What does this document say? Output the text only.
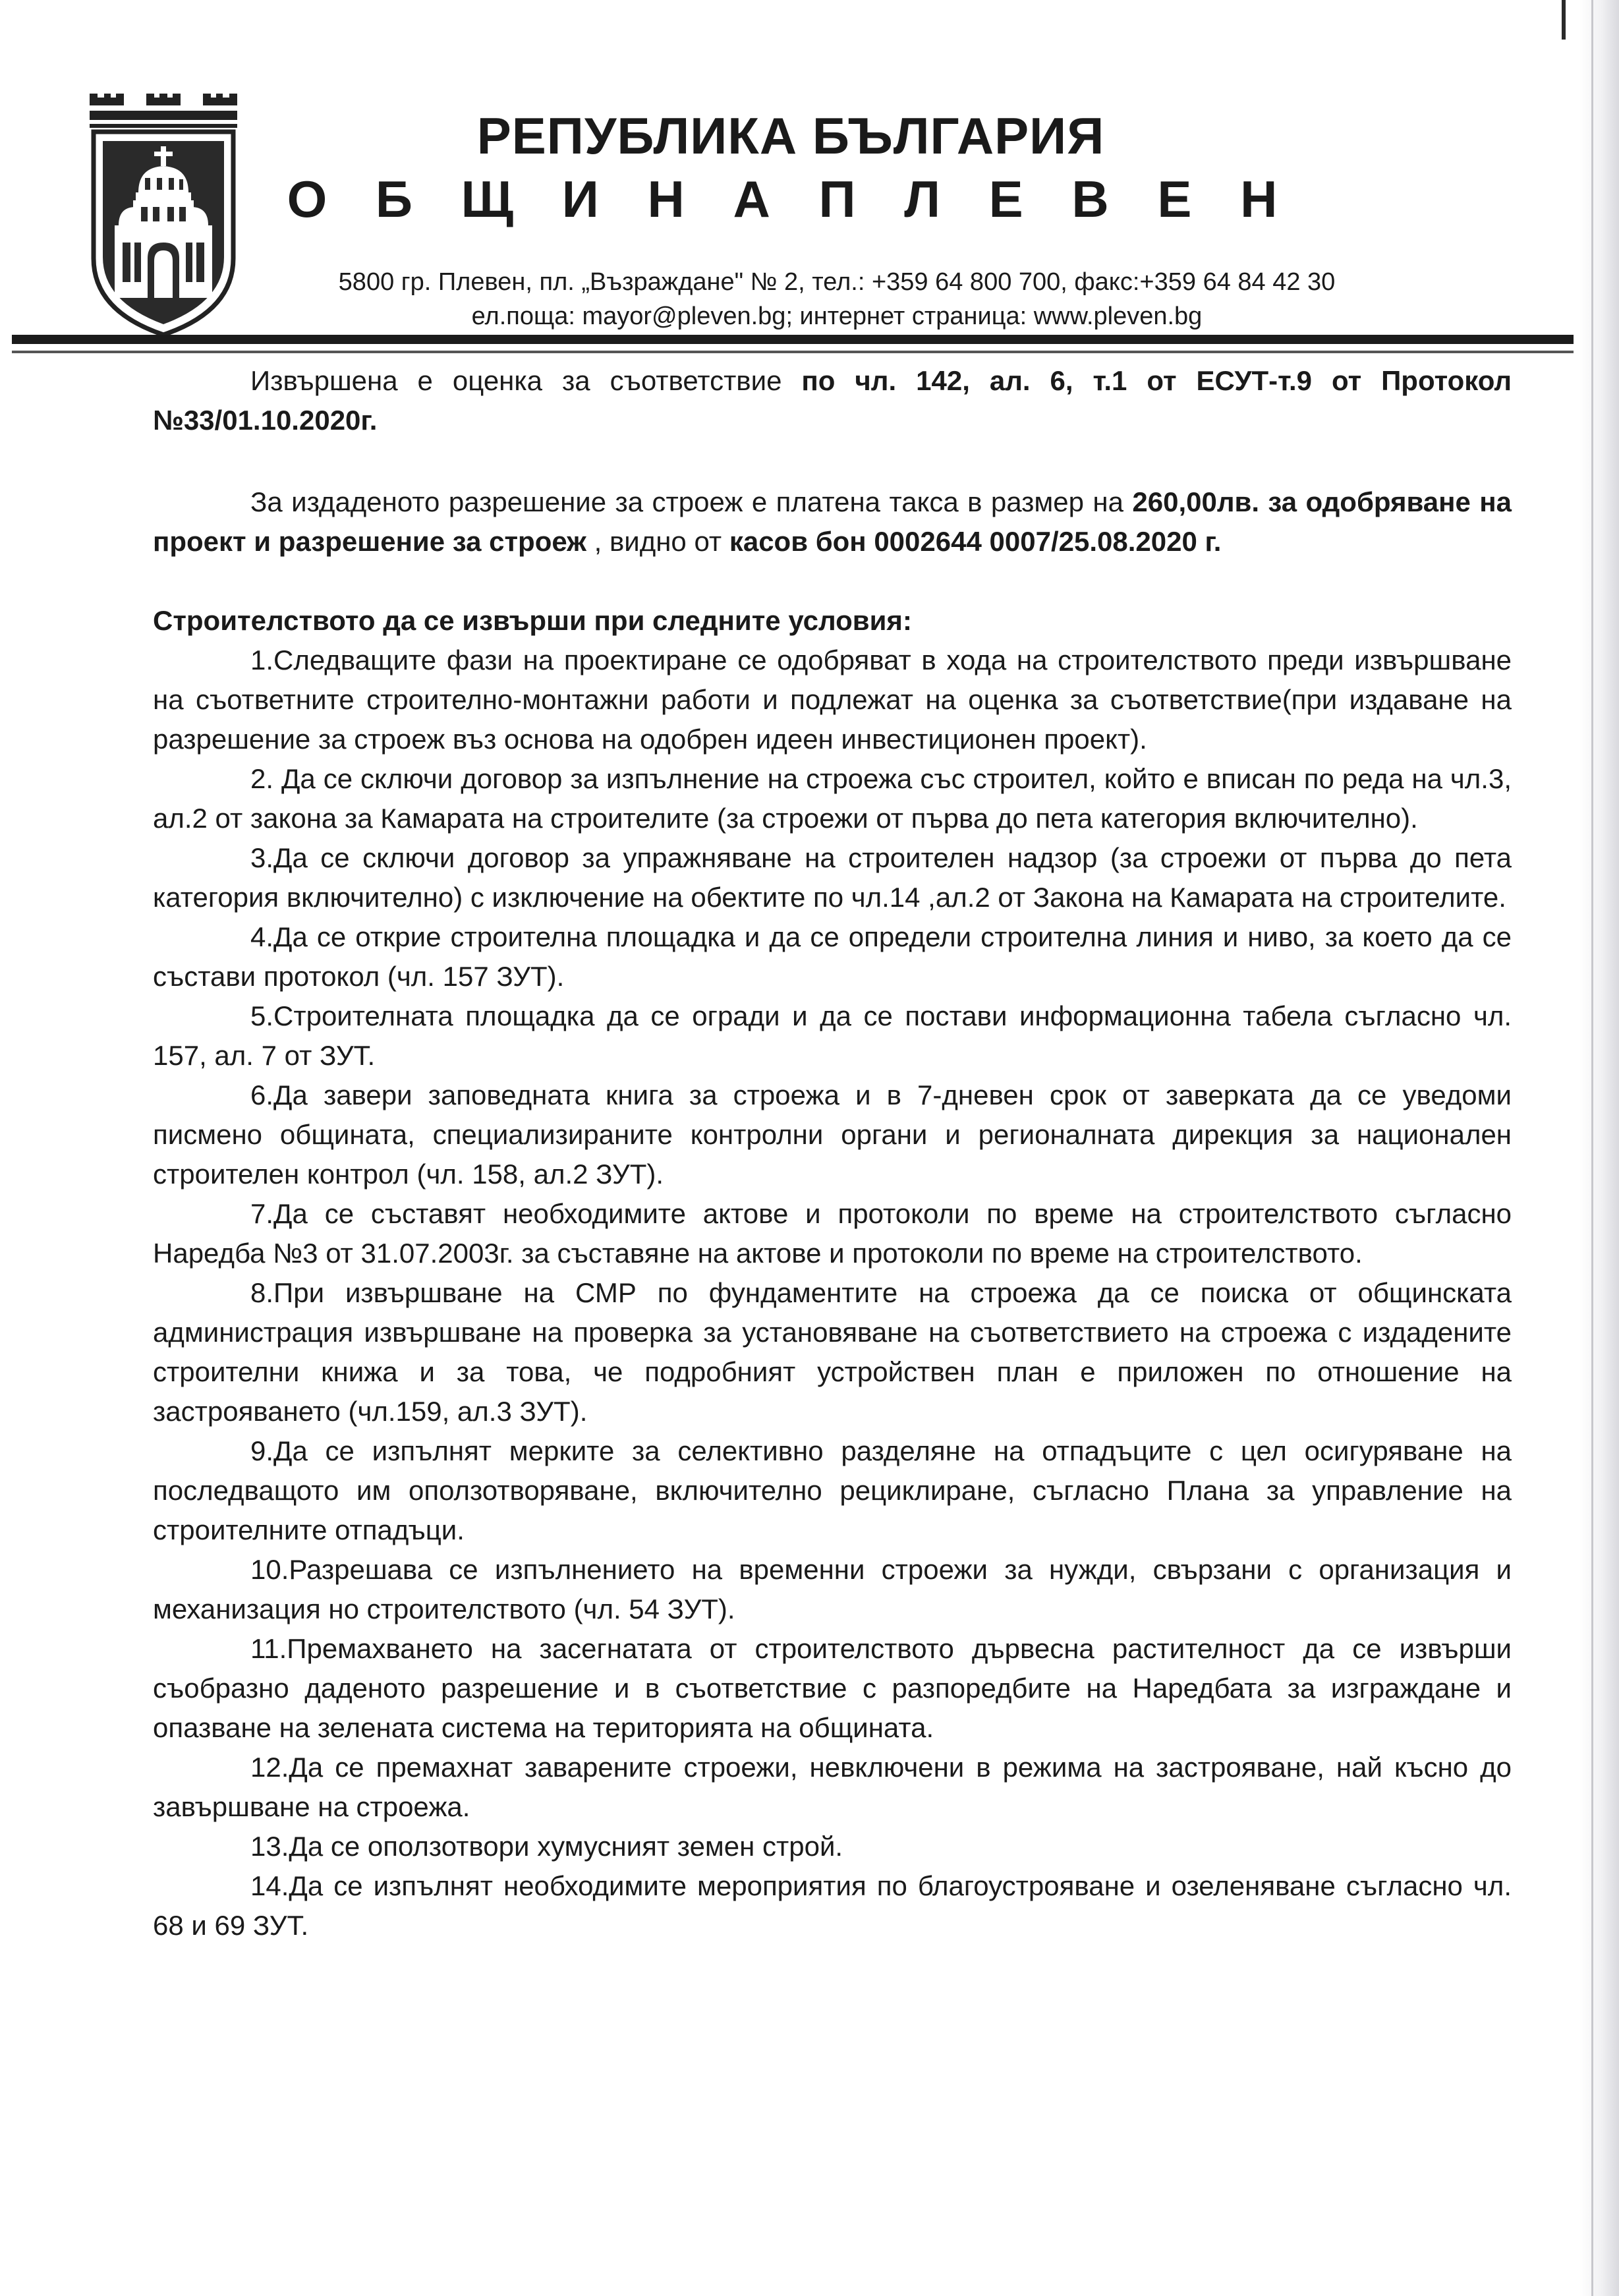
РЕПУБЛИКА БЪЛГАРИЯ
О Б Щ И Н А П Л Е В Е Н
5800 гр. Плевен, пл. „Възраждане" № 2, тел.: +359 64 800 700, факс:+359 64 84 42 30
ел.поща: mayor@pleven.bg; интернет страница: www.pleven.bg

Извършена е оценка за съответствие по чл. 142, ал. 6, т.1 от ЕСУТ-т.9 от Протокол №33/01.10.2020г.

За издаденото разрешение за строеж е платена такса в размер на 260,00лв. за одобряване на проект и разрешение за строеж , видно от касов бон 0002644 0007/25.08.2020 г.

Строителството да се извърши при следните условия:

1.Следващите фази на проектиране се одобряват в хода на строителството преди извършване на съответните строително-монтажни работи и подлежат на оценка за съответствие(при издаване на разрешение за строеж въз основа на одобрен идеен инвестиционен проект).

2. Да се сключи договор за изпълнение на строежа със строител, който е вписан по реда на чл.3, ал.2 от закона за Камарата на строителите (за строежи от първа до пета категория включително).

3.Да се сключи договор за упражняване на строителен надзор (за строежи от първа до пета категория включително) с изключение на обектите по чл.14 ,ал.2 от Закона на Камарата на строителите.

4.Да се открие строителна площадка и да се определи строителна линия и ниво, за което да се състави протокол (чл. 157 ЗУТ).

5.Строителната площадка да се огради и да се постави информационна табела съгласно чл. 157, ал. 7 от ЗУТ.

6.Да завери заповедната книга за строежа и в 7-дневен срок от заверката да се уведоми писмено общината, специализираните контролни органи и регионалната дирекция за национален строителен контрол (чл. 158, ал.2 ЗУТ).

7.Да се съставят необходимите актове и протоколи по време на строителството съгласно Наредба №3 от 31.07.2003г. за съставяне на актове и протоколи по време на строителството.

8.При извършване на СМР по фундаментите на строежа да се поиска от общинската администрация извършване на проверка за установяване на съответствието на строежа с издадените строителни книжа и за това, че подробният устройствен план е приложен по отношение на застрояването (чл.159, ал.3 ЗУТ).

9.Да се изпълнят мерките за селективно разделяне на отпадъците с цел осигуряване на последващото им оползотворяване, включително рециклиране, съгласно Плана за управление на строителните отпадъци.

10.Разрешава се изпълнението на временни строежи за нужди, свързани с организация и механизация но строителството (чл. 54 ЗУТ).

11.Премахването на засегнатата от строителството дървесна растителност да се извърши съобразно даденото разрешение и в съответствие с разпоредбите на Наредбата за изграждане и опазване на зелената система на територията на общината.

12.Да се премахнат заварените строежи, невключени в режима на застрояване, най късно до завършване на строежа.

13.Да се оползотвори хумусният земен строй.

14.Да се изпълнят необходимите мероприятия по благоустрояване и озеленяване съгласно чл. 68 и 69 ЗУТ.
